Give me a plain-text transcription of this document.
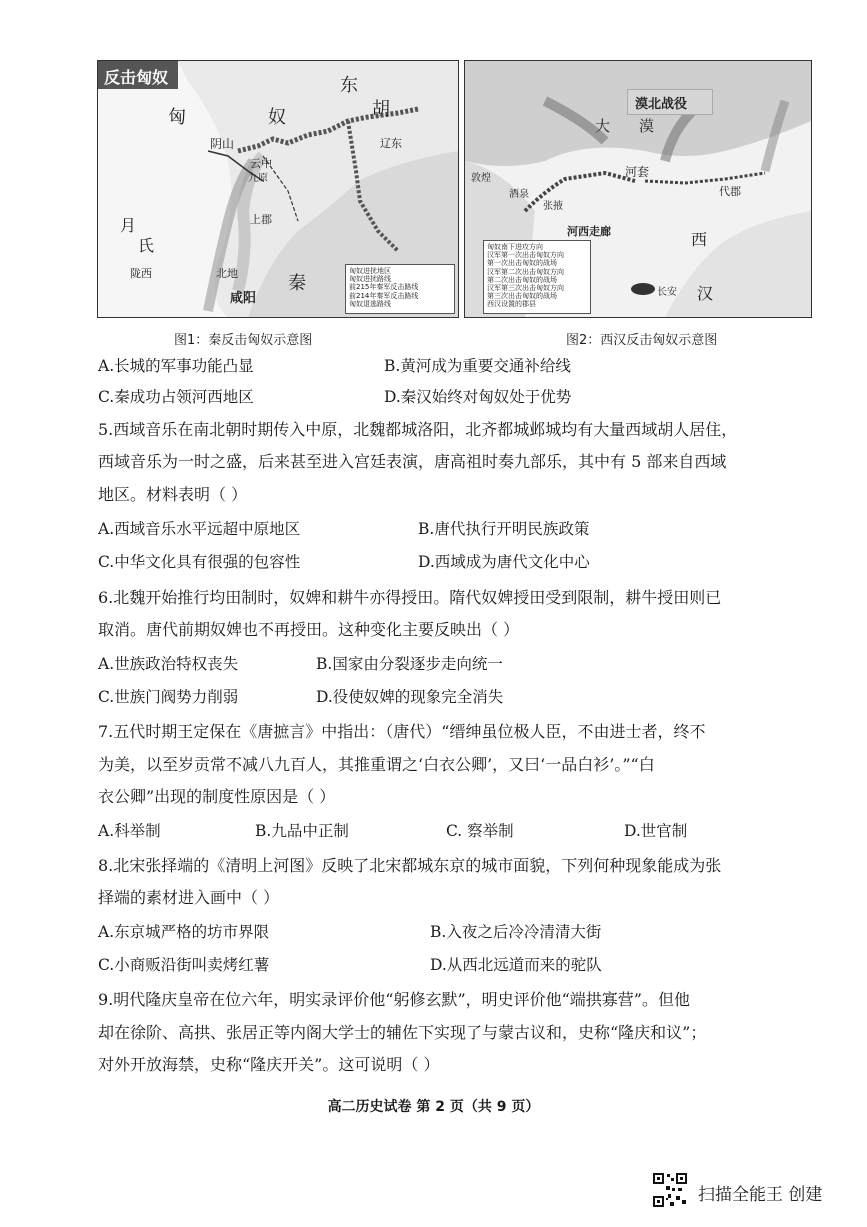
反击匈奴
匈	奴
东
胡
辽东
阴山
云中
九原
上郡
月
氏
陇西	北地
咸阳
秦
匈奴进扰地区
匈奴进扰路线
前215年秦军反击路线
前214年秦军反击路线
匈奴退逃路线
漠北战役
大 漠
河西走廊
河套
酒泉
敦煌
张掖
代郡
西
汉
长安
匈奴南下进攻方向
汉军第一次出击匈奴方向
第一次出击匈奴的战场
汉军第二次出击匈奴方向
第二次出击匈奴的战场
汉军第三次出击匈奴方向
第三次出击匈奴的战场
西汉设置的郡县
图1：秦反击匈奴示意图	图2：西汉反击匈奴示意图
A.长城的军事功能凸显	B.黄河成为重要交通补给线
C.秦成功占领河西地区	D.秦汉始终对匈奴处于优势
5.西域音乐在南北朝时期传入中原，北魏都城洛阳，北齐都城邺城均有大量西域胡人居住，
西域音乐为一时之盛，后来甚至进入宫廷表演，唐高祖时奏九部乐，其中有 5 部来自西域
地区。材料表明（ ）
A.西域音乐水平远超中原地区	B.唐代执行开明民族政策
C.中华文化具有很强的包容性	D.西域成为唐代文化中心
6.北魏开始推行均田制时，奴婢和耕牛亦得授田。隋代奴婢授田受到限制，耕牛授田则已
取消。唐代前期奴婢也不再授田。这种变化主要反映出（ ）
A.世族政治特权丧失	B.国家由分裂逐步走向统一
C.世族门阀势力削弱	D.役使奴婢的现象完全消失
7.五代时期王定保在《唐摭言》中指出：（唐代）“缙绅虽位极人臣，不由进士者，终不
为美，以至岁贡常不减八九百人，其推重谓之‘白衣公卿’，又曰‘一品白衫’。”“白
衣公卿”出现的制度性原因是（ ）
A.科举制	B.九品中正制	C. 察举制	D.世官制
8.北宋张择端的《清明上河图》反映了北宋都城东京的城市面貌，下列何种现象能成为张
择端的素材进入画中（ ）
A.东京城严格的坊市界限	B.入夜之后冷冷清清大街
C.小商贩沿街叫卖烤红薯	D.从西北远道而来的驼队
9.明代隆庆皇帝在位六年，明实录评价他“躬修玄默”，明史评价他“端拱寡营”。但他
却在徐阶、高拱、张居正等内阁大学士的辅佐下实现了与蒙古议和，史称“隆庆和议”；
对外开放海禁，史称“隆庆开关”。这可说明（ ）
高二历史试卷 第 2 页（共 9 页）
扫描全能王 创建
